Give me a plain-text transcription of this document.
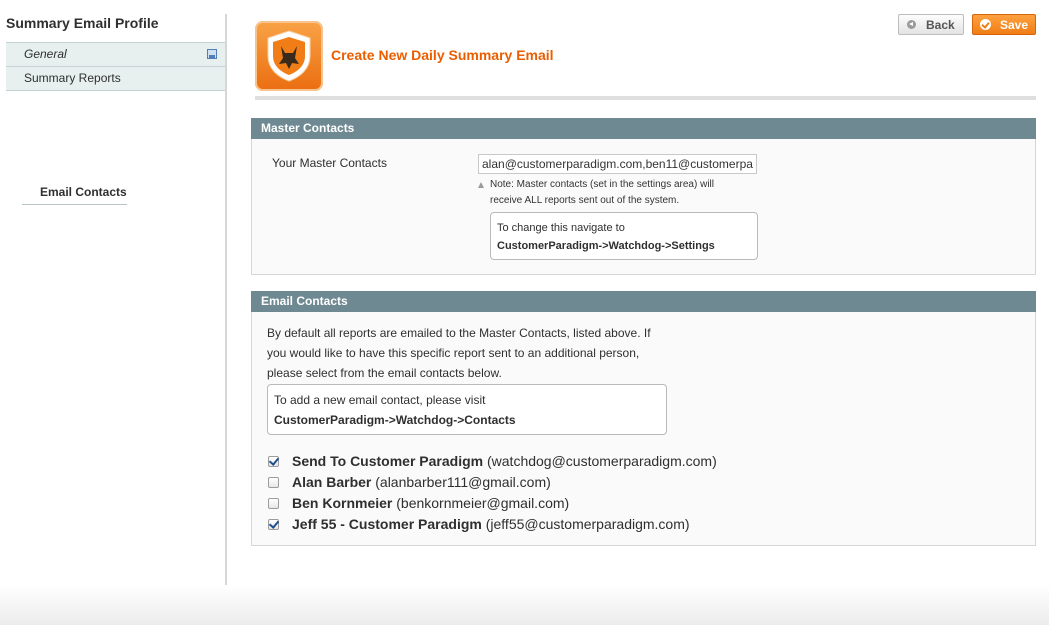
Summary Email Profile
General
Summary Reports
Email Contacts
Create New Daily Summary Email
Back	Save
Master Contacts
Your Master Contacts
alan@customerparadigm.com,ben11@customerparadigm.com

Note: Master contacts (set in the settings area) will

receive ALL reports sent out of the system.

To change this navigate to
CustomerParadigm->Watchdog->Settings
Email Contacts

By default all reports are emailed to the Master Contacts, listed above. If
you would like to have this specific report sent to an additional person,
please select from the email contacts below.

To add a new email contact, please visit
CustomerParadigm->Watchdog->Contacts
Send To Customer Paradigm (watchdog@customerparadigm.com)
Alan Barber (alanbarber111@gmail.com)
Ben Kornmeier (benkornmeier@gmail.com)
Jeff 55 - Customer Paradigm (jeff55@customerparadigm.com)
